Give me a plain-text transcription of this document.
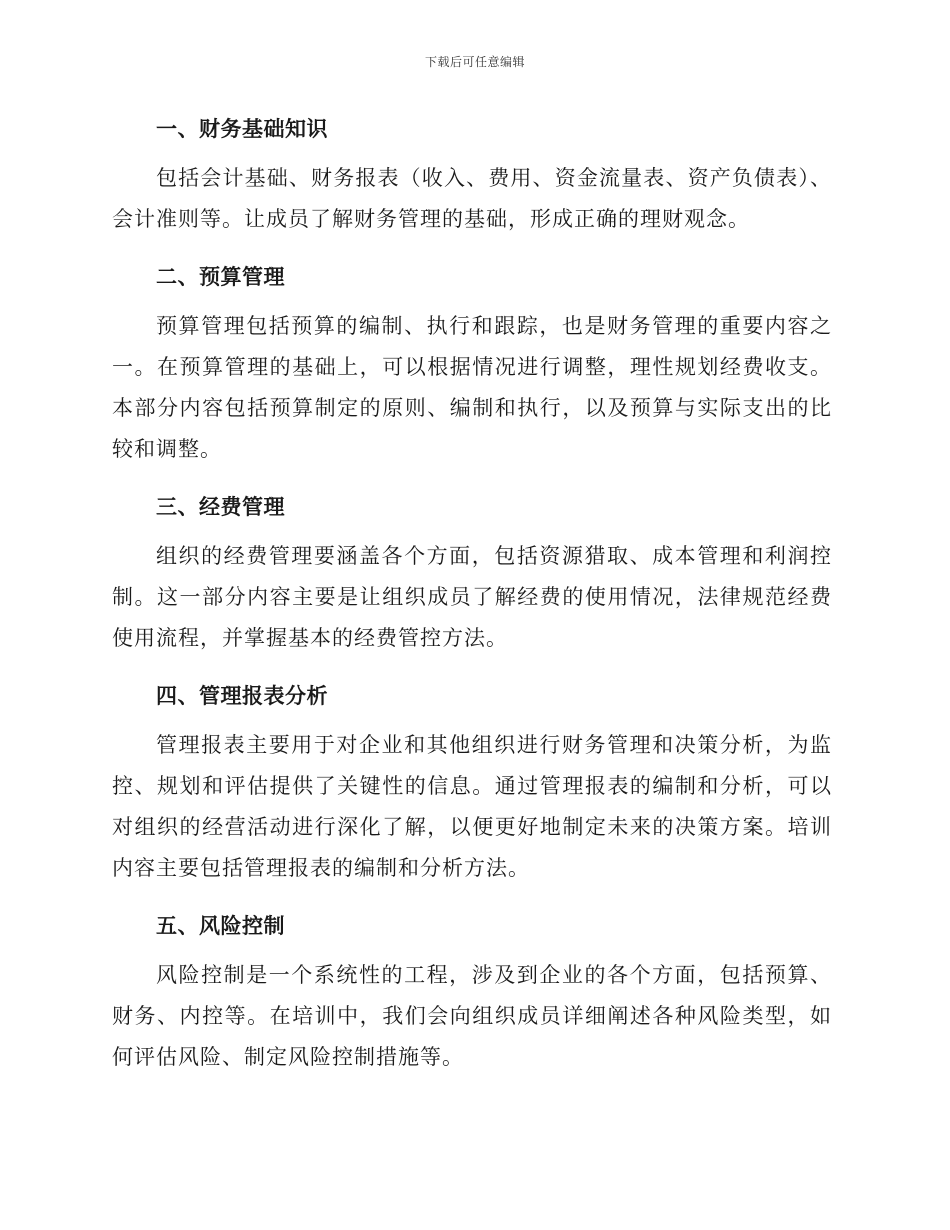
下载后可任意编辑
一、财务基础知识

包括会计基础、财务报表（收入、费用、资金流量表、资产负债表）、会计准则等。让成员了解财务管理的基础，形成正确的理财观念。

二、预算管理

预算管理包括预算的编制、执行和跟踪，也是财务管理的重要内容之一。在预算管理的基础上，可以根据情况进行调整，理性规划经费收支。本部分内容包括预算制定的原则、编制和执行，以及预算与实际支出的比较和调整。

三、经费管理

组织的经费管理要涵盖各个方面，包括资源猎取、成本管理和利润控制。这一部分内容主要是让组织成员了解经费的使用情况，法律规范经费使用流程，并掌握基本的经费管控方法。

四、管理报表分析

管理报表主要用于对企业和其他组织进行财务管理和决策分析，为监控、规划和评估提供了关键性的信息。通过管理报表的编制和分析，可以对组织的经营活动进行深化了解，以便更好地制定未来的决策方案。培训内容主要包括管理报表的编制和分析方法。

五、风险控制

风险控制是一个系统性的工程，涉及到企业的各个方面，包括预算、财务、内控等。在培训中，我们会向组织成员详细阐述各种风险类型，如何评估风险、制定风险控制措施等。
